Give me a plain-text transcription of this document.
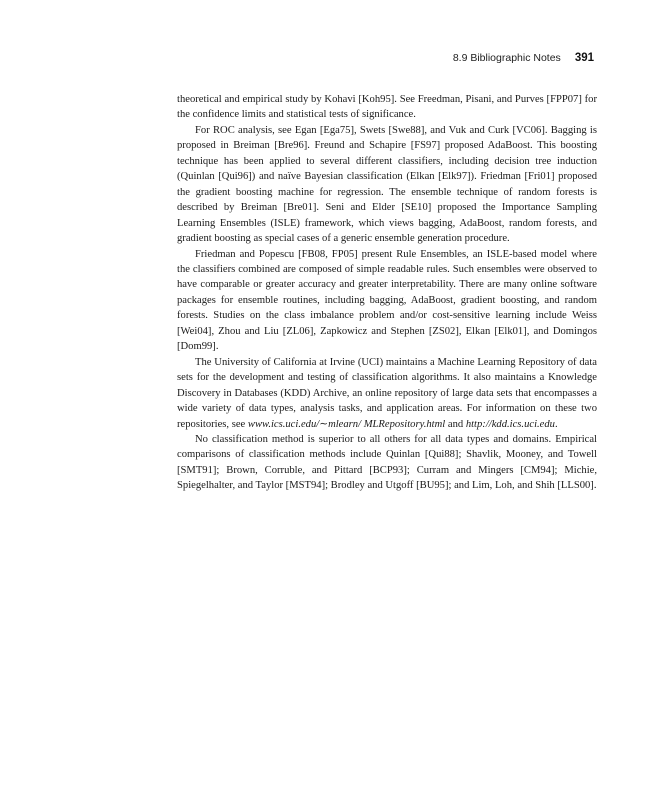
8.9 Bibliographic Notes 391

theoretical and empirical study by Kohavi [Koh95]. See Freedman, Pisani, and Purves [FPP07] for the confidence limits and statistical tests of significance.

For ROC analysis, see Egan [Ega75], Swets [Swe88], and Vuk and Curk [VC06]. Bagging is proposed in Breiman [Bre96]. Freund and Schapire [FS97] proposed AdaBoost. This boosting technique has been applied to several different classifiers, including decision tree induction (Quinlan [Qui96]) and naïve Bayesian classification (Elkan [Elk97]). Friedman [Fri01] proposed the gradient boosting machine for regression. The ensemble technique of random forests is described by Breiman [Bre01]. Seni and Elder [SE10] proposed the Importance Sampling Learning Ensembles (ISLE) framework, which views bagging, AdaBoost, random forests, and gradient boosting as special cases of a generic ensemble generation procedure.

Friedman and Popescu [FB08, FP05] present Rule Ensembles, an ISLE-based model where the classifiers combined are composed of simple readable rules. Such ensembles were observed to have comparable or greater accuracy and greater interpretability. There are many online software packages for ensemble routines, including bagging, AdaBoost, gradient boosting, and random forests. Studies on the class imbalance problem and/or cost-sensitive learning include Weiss [Wei04], Zhou and Liu [ZL06], Zapkowicz and Stephen [ZS02], Elkan [Elk01], and Domingos [Dom99].

The University of California at Irvine (UCI) maintains a Machine Learning Repository of data sets for the development and testing of classification algorithms. It also maintains a Knowledge Discovery in Databases (KDD) Archive, an online repository of large data sets that encompasses a wide variety of data types, analysis tasks, and application areas. For information on these two repositories, see www.ics.uci.edu/∼mlearn/ MLRepository.html and http://kdd.ics.uci.edu.

No classification method is superior to all others for all data types and domains. Empirical comparisons of classification methods include Quinlan [Qui88]; Shavlik, Mooney, and Towell [SMT91]; Brown, Corruble, and Pittard [BCP93]; Curram and Mingers [CM94]; Michie, Spiegelhalter, and Taylor [MST94]; Brodley and Utgoff [BU95]; and Lim, Loh, and Shih [LLS00].
